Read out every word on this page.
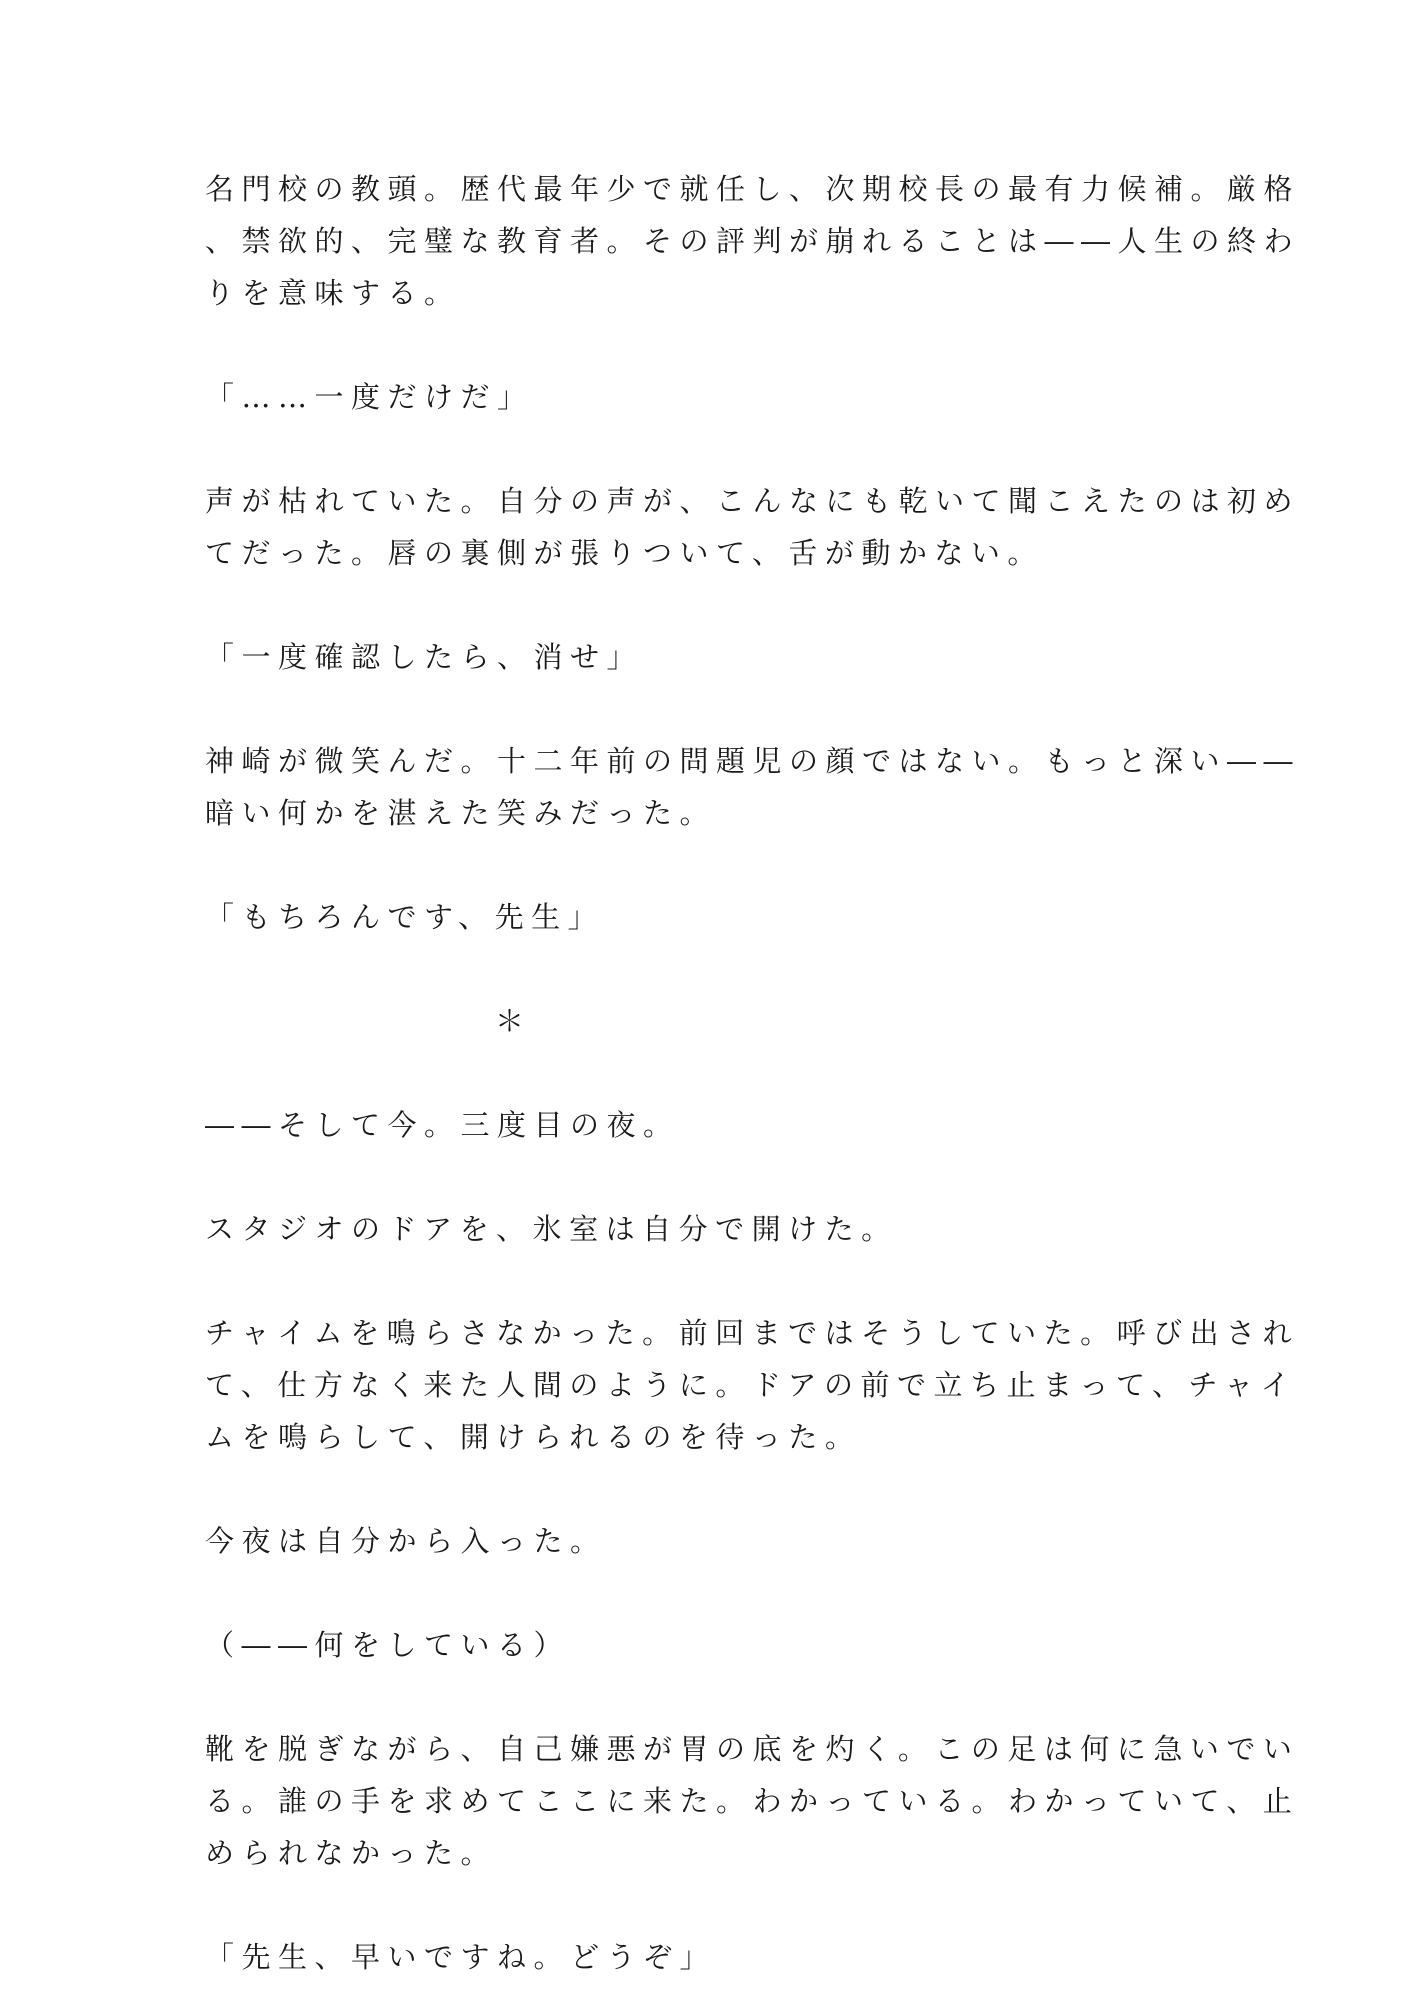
名門校の教頭。歴代最年少で就任し、次期校長の最有力候補。厳格
、禁欲的、完璧な教育者。その評判が崩れることは――人生の終わ
りを意味する。
「……一度だけだ」
声が枯れていた。自分の声が、こんなにも乾いて聞こえたのは初め
てだった。唇の裏側が張りついて、舌が動かない。
「一度確認したら、消せ」
神崎が微笑んだ。十二年前の問題児の顔ではない。もっと深い――
暗い何かを湛えた笑みだった。
「もちろんです、先生」
＊
――そして今。三度目の夜。
スタジオのドアを、氷室は自分で開けた。
チャイムを鳴らさなかった。前回まではそうしていた。呼び出され
て、仕方なく来た人間のように。ドアの前で立ち止まって、チャイ
ムを鳴らして、開けられるのを待った。
今夜は自分から入った。
（――何をしている）
靴を脱ぎながら、自己嫌悪が胃の底を灼く。この足は何に急いでい
る。誰の手を求めてここに来た。わかっている。わかっていて、止
められなかった。
「先生、早いですね。どうぞ」
